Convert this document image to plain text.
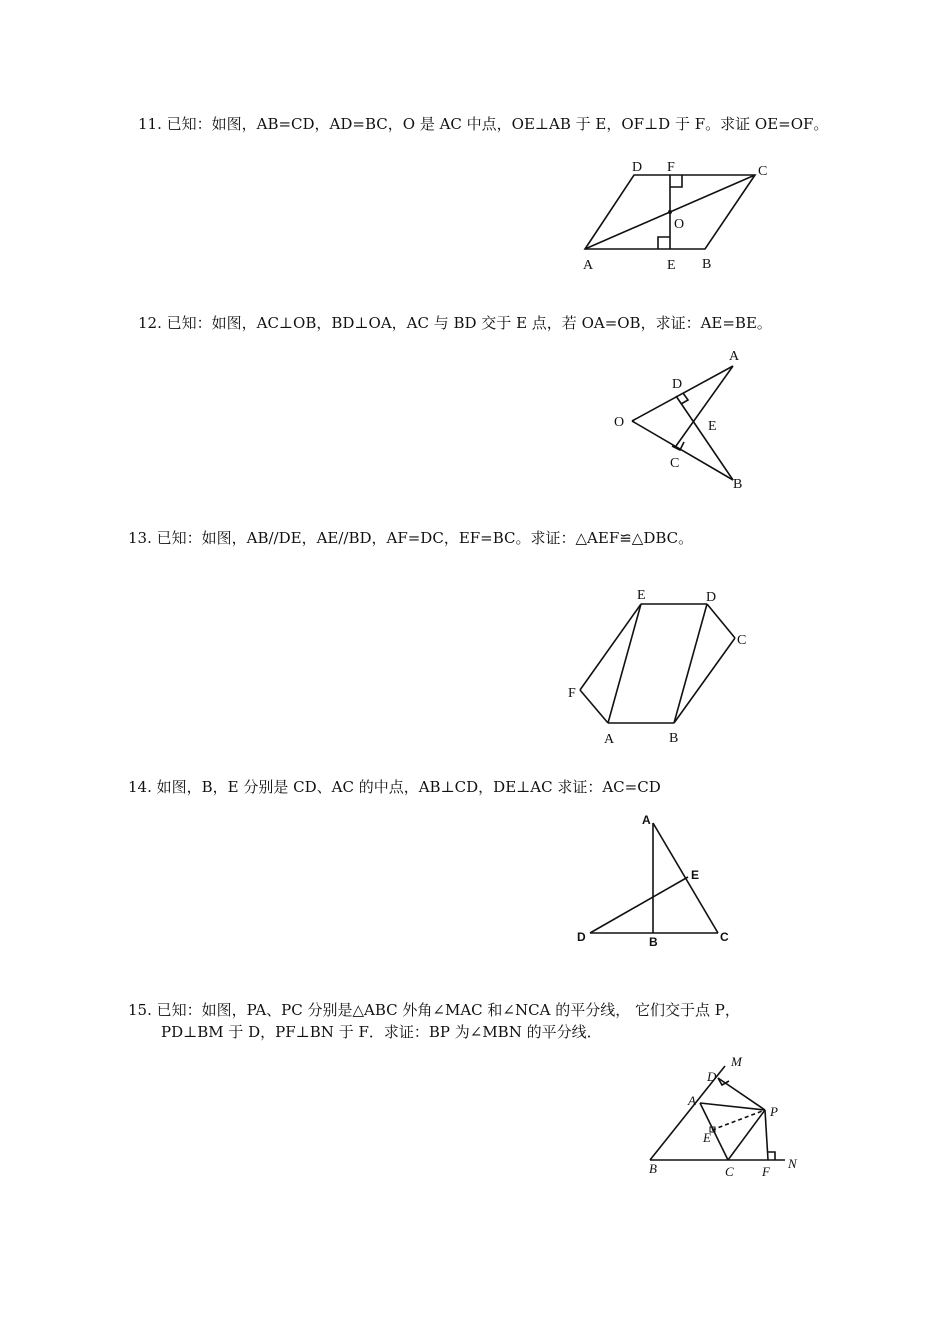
11. 已知：如图，AB=CD，AD=BC，O 是 AC 中点，OE⊥AB 于 E，OF⊥D 于 F。求证 OE=OF。
D F	C
O
A	E B
12. 已知：如图，AC⊥OB，BD⊥OA，AC 与 BD 交于 E 点，若 OA=OB，求证：AE=BE。
A
D
O	E
C
B
13. 已知：如图，AB//DE，AE//BD，AF=DC，EF=BC。求证：△AEF≌△DBC。
E	D
C
F
A	B
14. 如图，B，E 分别是 CD、AC 的中点，AB⊥CD，DE⊥AC 求证：AC=CD
A
E
D	B	C
15. 已知：如图，PA、PC 分别是△ABC 外角∠MAC 和∠NCA 的平分线， 它们交于点 P，
PD⊥BM 于 D，PF⊥BN 于 F．求证：BP 为∠MBN 的平分线．
M
D
A
P
E
B	C F
N
